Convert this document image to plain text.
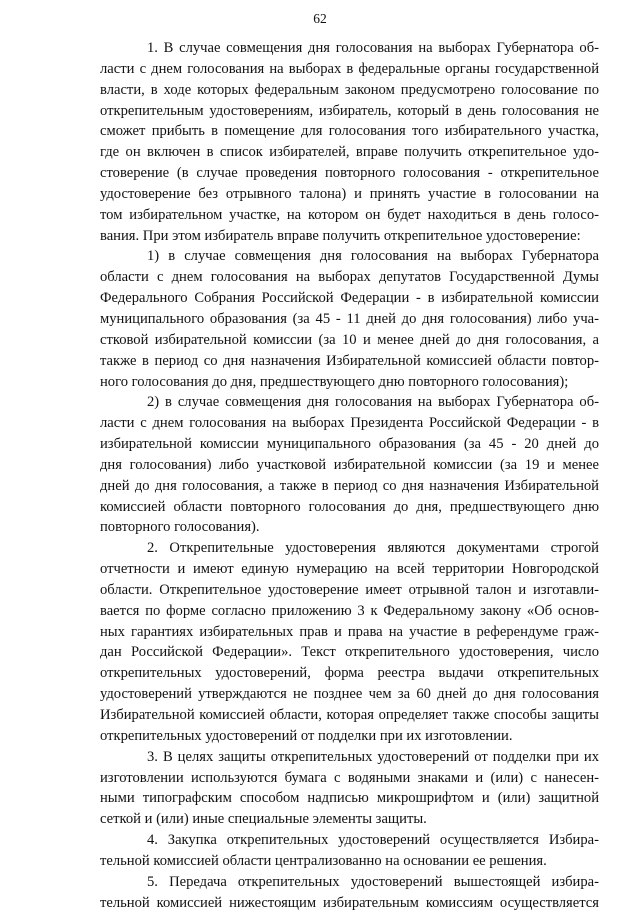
62

1. В случае совмещения дня голосования на выборах Губернатора об-
ласти с днем голосования на выборах в федеральные органы государственной
власти, в ходе которых федеральным законом предусмотрено голосование по
открепительным удостоверениям, избиратель, который в день голосования не
сможет прибыть в помещение для голосования того избирательного участка,
где он включен в список избирателей, вправе получить открепительное удо-
стоверение (в случае проведения повторного голосования - открепительное
удостоверение без отрывного талона) и принять участие в голосовании на
том избирательном участке, на котором он будет находиться в день голосо-
вания. При этом избиратель вправе получить открепительное удостоверение:

1) в случае совмещения дня голосования на выборах Губернатора
области с днем голосования на выборах депутатов Государственной Думы
Федерального Собрания Российской Федерации - в избирательной комиссии
муниципального образования (за 45 - 11 дней до дня голосования) либо уча-
стковой избирательной комиссии (за 10 и менее дней до дня голосования, а
также в период со дня назначения Избирательной комиссией области повтор-
ного голосования до дня, предшествующего дню повторного голосования);

2) в случае совмещения дня голосования на выборах Губернатора об-
ласти с днем голосования на выборах Президента Российской Федерации - в
избирательной комиссии муниципального образования (за 45 - 20 дней до
дня голосования) либо участковой избирательной комиссии (за 19 и менее
дней до дня голосования, а также в период со дня назначения Избирательной
комиссией области повторного голосования до дня, предшествующего дню
повторного голосования).

2. Открепительные удостоверения являются документами строгой
отчетности и имеют единую нумерацию на всей территории Новгородской
области. Открепительное удостоверение имеет отрывной талон и изготавли-
вается по форме согласно приложению 3 к Федеральному закону «Об основ-
ных гарантиях избирательных прав и права на участие в референдуме граж-
дан Российской Федерации». Текст открепительного удостоверения, число
открепительных удостоверений, форма реестра выдачи открепительных
удостоверений утверждаются не позднее чем за 60 дней до дня голосования
Избирательной комиссией области, которая определяет также способы защиты
открепительных удостоверений от подделки при их изготовлении.

3. В целях защиты открепительных удостоверений от подделки при их
изготовлении используются бумага с водяными знаками и (или) с нанесен-
ными типографским способом надписью микрошрифтом и (или) защитной
сеткой и (или) иные специальные элементы защиты.

4. Закупка открепительных удостоверений осуществляется Избира-
тельной комиссией области централизованно на основании ее решения.

5. Передача открепительных удостоверений вышестоящей избира-
тельной комиссией нижестоящим избирательным комиссиям осуществляется
